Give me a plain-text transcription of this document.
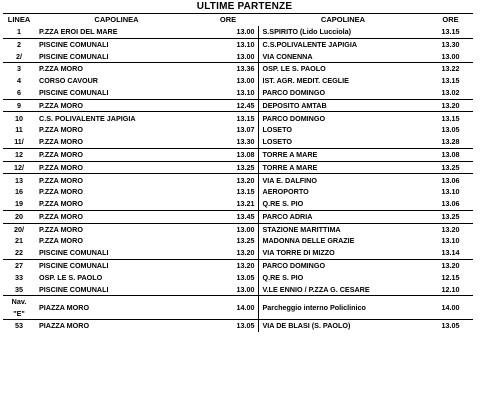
ULTIME PARTENZE
LINEA	CAPOLINEA	ORE	CAPOLINEA	ORE
1	P.ZZA EROI DEL MARE	13.00	S.SPIRITO (Lido Lucciola)	13.15
2	PISCINE COMUNALI	13.10	C.S.POLIVALENTE JAPIGIA	13.30
2/	PISCINE COMUNALI	13.00	VIA CONENNA	13.00
3	P.ZZA MORO	13.36	OSP. LE S. PAOLO	13.22
4	CORSO CAVOUR	13.00	IST. AGR. MEDIT. CEGLIE	13.15
6	PISCINE COMUNALI	13.10	PARCO DOMINGO	13.02
9	P.ZZA MORO	12.45	DEPOSITO AMTAB	13.20
10	C.S. POLIVALENTE JAPIGIA	13.15	PARCO DOMINGO	13.15
11	P.ZZA MORO	13.07	LOSETO	13.05
11/	P.ZZA MORO	13.30	LOSETO	13.28
12	P.ZZA MORO	13.08	TORRE A MARE	13.08
12/	P.ZZA MORO	13.25	TORRE A MARE	13.25
13	P.ZZA MORO	13.20	VIA E. DALFINO	13.06
16	P.ZZA MORO	13.15	AEROPORTO	13.10
19	P.ZZA MORO	13.21	Q.RE S. PIO	13.06
20	P.ZZA MORO	13.45	PARCO ADRIA	13.25
20/	P.ZZA MORO	13.00	STAZIONE MARITTIMA	13.20
21	P.ZZA MORO	13.25	MADONNA DELLE GRAZIE	13.10
22	PISCINE COMUNALI	13.20	VIA TORRE DI MIZZO	13.14
27	PISCINE COMUNALI	13.20	PARCO DOMINGO	13.20
33	OSP. LE S. PAOLO	13.05	Q.RE S. PIO	12.15
35	PISCINE COMUNALI	13.00	V.LE ENNIO / P.ZZA G. CESARE	12.10
Nav.
"E"	PIAZZA MORO	14.00	Parcheggio interno Policlinico	14.00
53	PIAZZA MORO	13.05	VIA DE BLASI (S. PAOLO)	13.05
